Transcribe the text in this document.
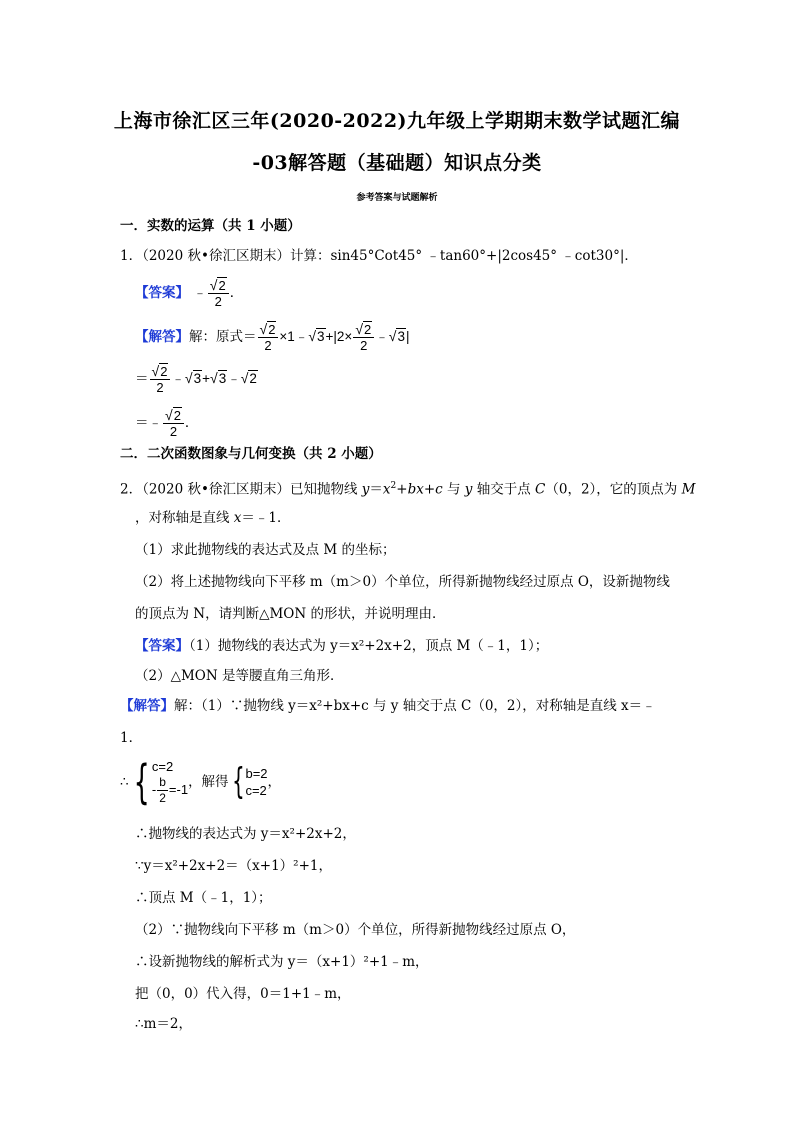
上海市徐汇区三年(2020-2022)九年级上学期期末数学试题汇编
-03解答题（基础题）知识点分类
参考答案与试题解析
一．实数的运算（共 1 小题）
1．（2020 秋•徐汇区期末）计算：sin45°Cot45° ﹣tan60°+|2cos45° ﹣cot30°|．
【答案】 ﹣ $\frac{√2}{2}$ ．
【解答】解：原式＝ $\frac{√2}{2}$ ×1﹣√3+|2× $\frac{√2}{2}$ ﹣√3|
＝ $\frac{√2}{2}$ ﹣√3+√3﹣√2
＝﹣ $\frac{√2}{2}$ ．
二．二次函数图象与几何变换（共 2 小题）
2．（2020 秋•徐汇区期末）已知抛物线 $y=x^2+bx+c$ 与 y 轴交于点 C（0，2），它的顶点为 M
，对称轴是直线 x＝﹣1．
（1）求此抛物线的表达式及点 M 的坐标；
（2）将上述抛物线向下平移 m（m＞0）个单位，所得新抛物线经过原点 O，设新抛物线
的顶点为 N，请判断△MON 的形状，并说明理由．
【答案】（1）抛物线的表达式为 y＝x²+2x+2，顶点 M（﹣1，1）；
（2）△MON 是等腰直角三角形．
【解答】解：（1）∵抛物线 y＝x²+bx+c 与 y 轴交于点 C（0，2），对称轴是直线 x＝﹣
1．
∴{ c=2
- $\frac{b}{2} =-1$ ，解得{ b=2
c=2
，
∴抛物线的表达式为 y＝x²+2x+2，
∵y＝x²+2x+2＝（x+1）²+1，
∴顶点 M（﹣1，1）；
（2）∵抛物线向下平移 m（m＞0）个单位，所得新抛物线经过原点 O，
∴设新抛物线的解析式为 y＝（x+1）²+1﹣m，
把（0，0）代入得，0＝1+1﹣m，
∴m＝2，
